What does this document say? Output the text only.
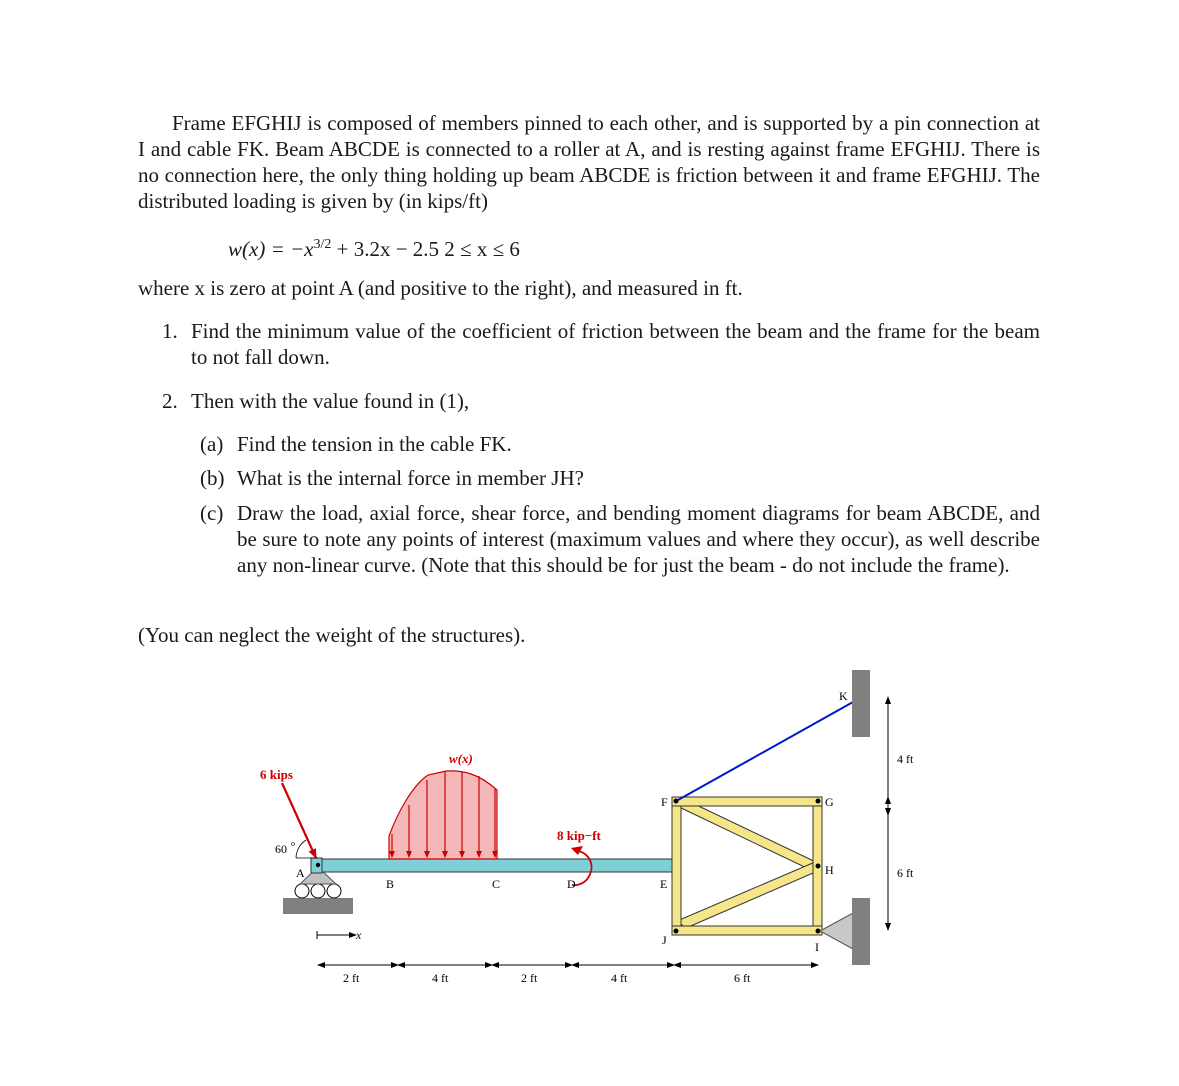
Frame EFGHIJ is composed of members pinned to each other, and is supported by a pin connection at I and cable FK. Beam ABCDE is connected to a roller at A, and is resting against frame EFGHIJ. There is no connection here, the only thing holding up beam ABCDE is friction between it and frame EFGHIJ. The distributed loading is given by (in kips/ft)

$w(x) = -x^{3/2} + 3.2x - 2.5$ 2 ≤ x ≤ 6
where x is zero at point A (and positive to the right), and measured in ft.
1. Find the minimum value of the coefficient of friction between the beam and the frame for the beam to not fall down.
2. Then with the value found in (1),
(a) Find the tension in the cable FK.
(b) What is the internal force in member JH?
(c) Draw the load, axial force, shear force, and bending moment diagrams for beam ABCDE, and be sure to note any points of interest (maximum values and where they occur), as well describe any non-linear curve. (Note that this should be for just the beam - do not include the frame).
(You can neglect the weight of the structures).
w(x)
6 kips
60 o
8 kip−ft
A
B	C	D	E
x
F	G
H
I
J
K
4 ft
6 ft
2 ft	4 ft	2 ft	4 ft	6 ft
